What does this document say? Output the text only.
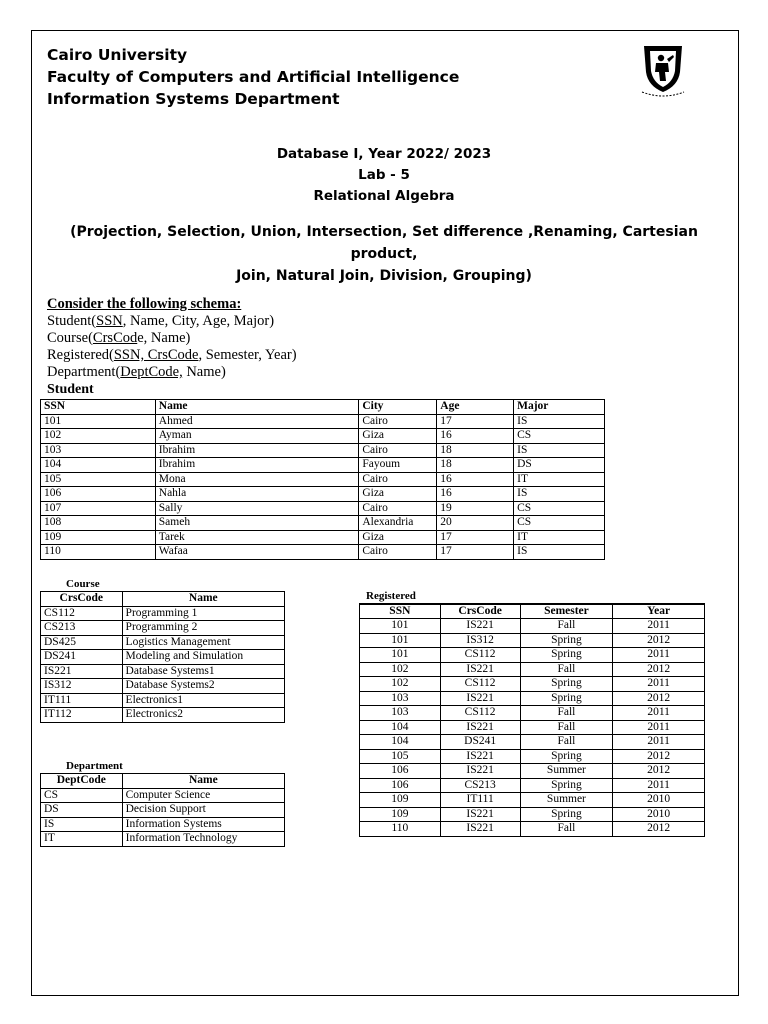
Cairo University
Faculty of Computers and Artificial Intelligence
Information Systems Department
Database I, Year 2022/ 2023
Lab - 5
Relational Algebra
(Projection, Selection, Union, Intersection, Set difference ,Renaming, Cartesian product,
Join, Natural Join, Division, Grouping)
Consider the following schema:
Student(SSN, Name, City, Age, Major)
Course(CrsCode, Name)
Registered(SSN, CrsCode, Semester, Year)
Department(DeptCode, Name)
Student
SSN	Name	City	Age	Major
101	Ahmed	Cairo	17	IS
102	Ayman	Giza	16	CS
103	Ibrahim	Cairo	18	IS
104	Ibrahim	Fayoum	18	DS
105	Mona	Cairo	16	IT
106	Nahla	Giza	16	IS
107	Sally	Cairo	19	CS
108	Sameh	Alexandria	20	CS
109	Tarek	Giza	17	IT
110	Wafaa	Cairo	17	IS
Course
CrsCode	Name
CS112	Programming 1
CS213	Programming 2
DS425	Logistics Management
DS241	Modeling and Simulation
IS221	Database Systems1
IS312	Database Systems2
IT111	Electronics1
IT112	Electronics2
Department
DeptCode	Name
CS	Computer Science
DS	Decision Support
IS	Information Systems
IT	Information Technology
Registered
SSN	CrsCode	Semester	Year
101	IS221	Fall	2011
101	IS312	Spring	2012
101	CS112	Spring	2011
102	IS221	Fall	2012
102	CS112	Spring	2011
103	IS221	Spring	2012
103	CS112	Fall	2011
104	IS221	Fall	2011
104	DS241	Fall	2011
105	IS221	Spring	2012
106	IS221	Summer	2012
106	CS213	Spring	2011
109	IT111	Summer	2010
109	IS221	Spring	2010
110	IS221	Fall	2012
